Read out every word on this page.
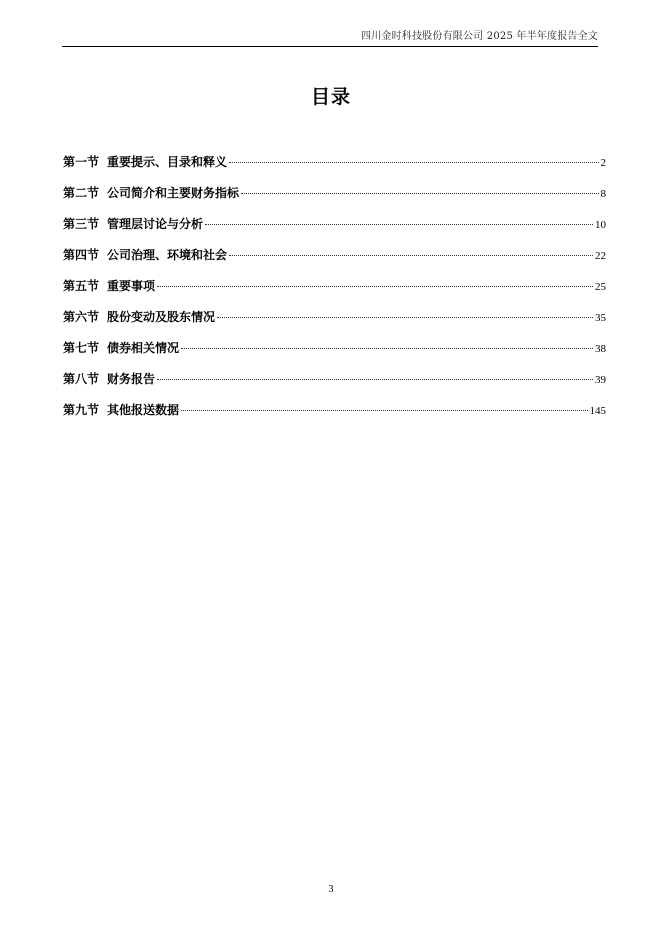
四川金时科技股份有限公司 2025 年半年度报告全文
目录
第一节 重要提示、目录和释义	2
第二节 公司简介和主要财务指标	8
第三节 管理层讨论与分析	10
第四节 公司治理、环境和社会	22
第五节 重要事项	25
第六节 股份变动及股东情况	35
第七节 债券相关情况	38
第八节 财务报告	39
第九节 其他报送数据	145
3
